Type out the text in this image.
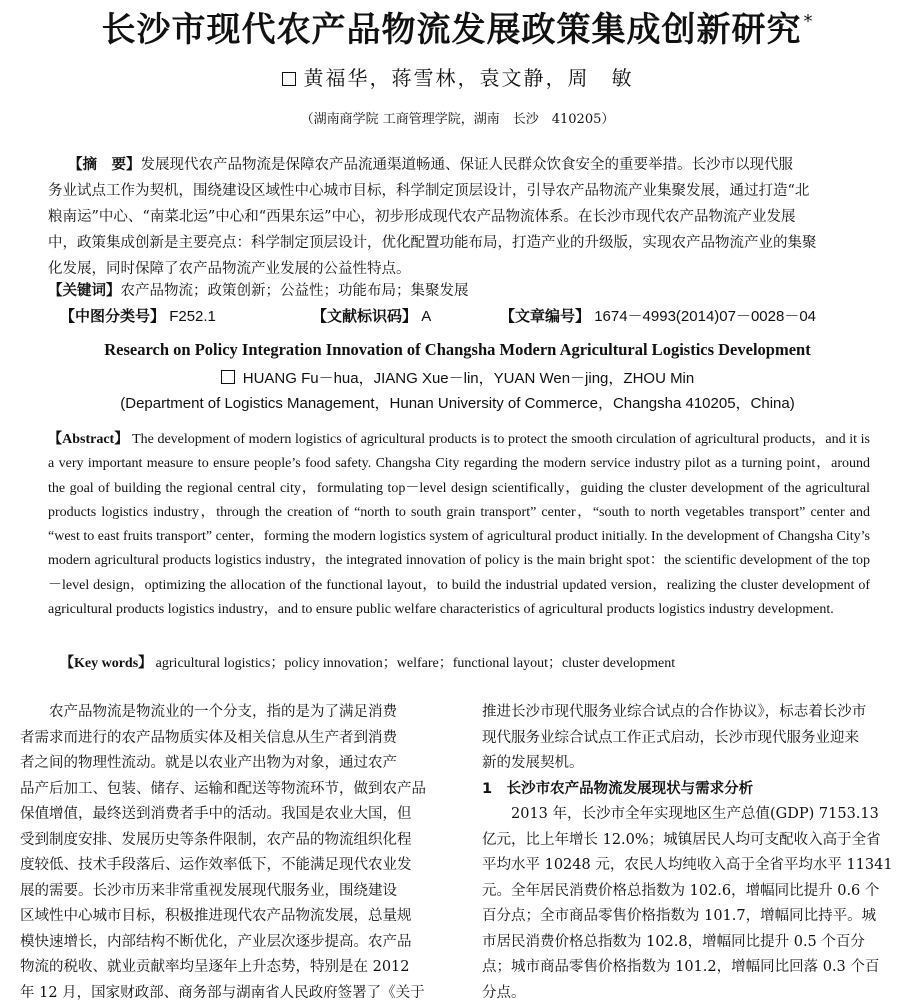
长沙市现代农产品物流发展政策集成创新研究 *
黄福华，蒋雪林，袁文静，周　敏
（湖南商学院 工商管理学院，湖南　长沙　410205）
【摘　要】发展现代农产品物流是保障农产品流通渠道畅通、保证人民群众饮食安全的重要举措。长沙市以现代服
务业试点工作为契机，围绕建设区域性中心城市目标，科学制定顶层设计，引导农产品物流产业集聚发展，通过打造“北
粮南运”中心、“南菜北运”中心和“西果东运”中心，初步形成现代农产品物流体系。在长沙市现代农产品物流产业发展
中，政策集成创新是主要亮点：科学制定顶层设计，优化配置功能布局，打造产业的升级版，实现农产品物流产业的集聚
化发展，同时保障了农产品物流产业发展的公益性特点。
【关键词】农产品物流；政策创新；公益性；功能布局；集聚发展
【中图分类号】 F252.1	【文献标识码】 A	【文章编号】 1674－4993(2014)07－0028－04
Research on Policy Integration Innovation of Changsha Modern Agricultural Logistics Development
HUANG Fu－hua，JIANG Xue－lin，YUAN Wen－jing，ZHOU Min
(Department of Logistics Management，Hunan University of Commerce，Changsha 410205，China)
【Abstract】 The development of modern logistics of agricultural products is to protect the smooth circulation of agricultural products，and it is a very important measure to ensure people’s food safety. Changsha City regarding the modern service industry pilot as a turning point，around the goal of building the regional central city，formulating top－level design scientifically，guiding the cluster development of the agricultural products logistics industry，through the creation of “north to south grain transport” center，“south to north vegetables transport” center and “west to east fruits transport” center，forming the modern logistics system of agricultural product initially. In the development of Changsha City’s modern agricultural products logistics industry，the integrated innovation of policy is the main bright spot：the scientific development of the top－level design，optimizing the allocation of the functional layout，to build the industrial updated version，realizing the cluster development of agricultural products logistics industry，and to ensure public welfare characteristics of agricultural products logistics industry development.
【Key words】 agricultural logistics；policy innovation；welfare；functional layout；cluster development
　　农产品物流是物流业的一个分支，指的是为了满足消费
者需求而进行的农产品物质实体及相关信息从生产者到消费
者之间的物理性流动。就是以农业产出物为对象，通过农产
品产后加工、包装、储存、运输和配送等物流环节，做到农产品
保值增值，最终送到消费者手中的活动。我国是农业大国，但
受到制度安排、发展历史等条件限制，农产品的物流组织化程
度较低、技术手段落后、运作效率低下，不能满足现代农业发
展的需要。长沙市历来非常重视发展现代服务业，围绕建设
区域性中心城市目标，积极推进现代农产品物流发展，总量规
模快速增长，内部结构不断优化，产业层次逐步提高。农产品
物流的税收、就业贡献率均呈逐年上升态势，特别是在 2012
年 12 月，国家财政部、商务部与湖南省人民政府签署了《关于
推进长沙市现代服务业综合试点的合作协议》，标志着长沙市
现代服务业综合试点工作正式启动，长沙市现代服务业迎来
新的发展契机。
1　长沙市农产品物流发展现状与需求分析
　　2013 年，长沙市全年实现地区生产总值(GDP) 7153.13
亿元，比上年增长 12.0%；城镇居民人均可支配收入高于全省
平均水平 10248 元，农民人均纯收入高于全省平均水平 11341
元。全年居民消费价格总指数为 102.6，增幅同比提升 0.6 个
百分点；全市商品零售价格指数为 101.7，增幅同比持平。城
市居民消费价格总指数为 102.8，增幅同比提升 0.5 个百分
点；城市商品零售价格指数为 101.2，增幅同比回落 0.3 个百
分点。
